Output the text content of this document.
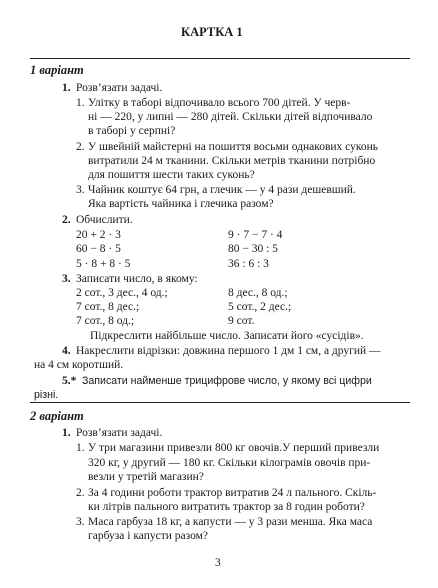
КАРТКА 1
1 варіант
1. Розв’язати задачі.
1. Улітку в таборі відпочивало всього 700 дітей. У черв-
ні — 220, у липні — 280 дітей. Скільки дітей відпочивало
в таборі у серпні?
2. У швейній майстерні на пошиття восьми однакових суконь
витратили 24 м тканини. Скільки метрів тканини потрібно
для пошиття шести таких суконь?
3. Чайник коштує 64 грн, а глечик — у 4 рази дешевший.
Яка вартість чайника і глечика разом?
2. Обчислити.
20 + 2 · 3
60 − 8 · 5
5 · 8 + 8 · 5
9 · 7 − 7 · 4
80 − 30 : 5
36 : 6 : 3
3. Записати число, в якому:
2 сот., 3 дес., 4 од.;
7 сот., 8 дес.;
7 сот., 8 од.;
8 дес., 8 од.;
5 сот., 2 дес.;
9 сот.
Підкреслити найбільше число. Записати його «сусідів».
4. Накреслити відрізки: довжина першого 1 дм 1 см, а другий —
на 4 см коротший.
5.* Записати найменше трицифрове число, у якому всі цифри
різні.
2 варіант
1. Розв’язати задачі.
1. У три магазини привезли 800 кг овочів.У перший привезли
320 кг, у другий — 180 кг. Скільки кілограмів овочів при-
везли у третій магазин?
2. За 4 години роботи трактор витратив 24 л пального. Скіль-
ки літрів пального витратить трактор за 8 годин роботи?
3. Маса гарбуза 18 кг, а капусти — у 3 рази менша. Яка маса
гарбуза і капусти разом?
3
